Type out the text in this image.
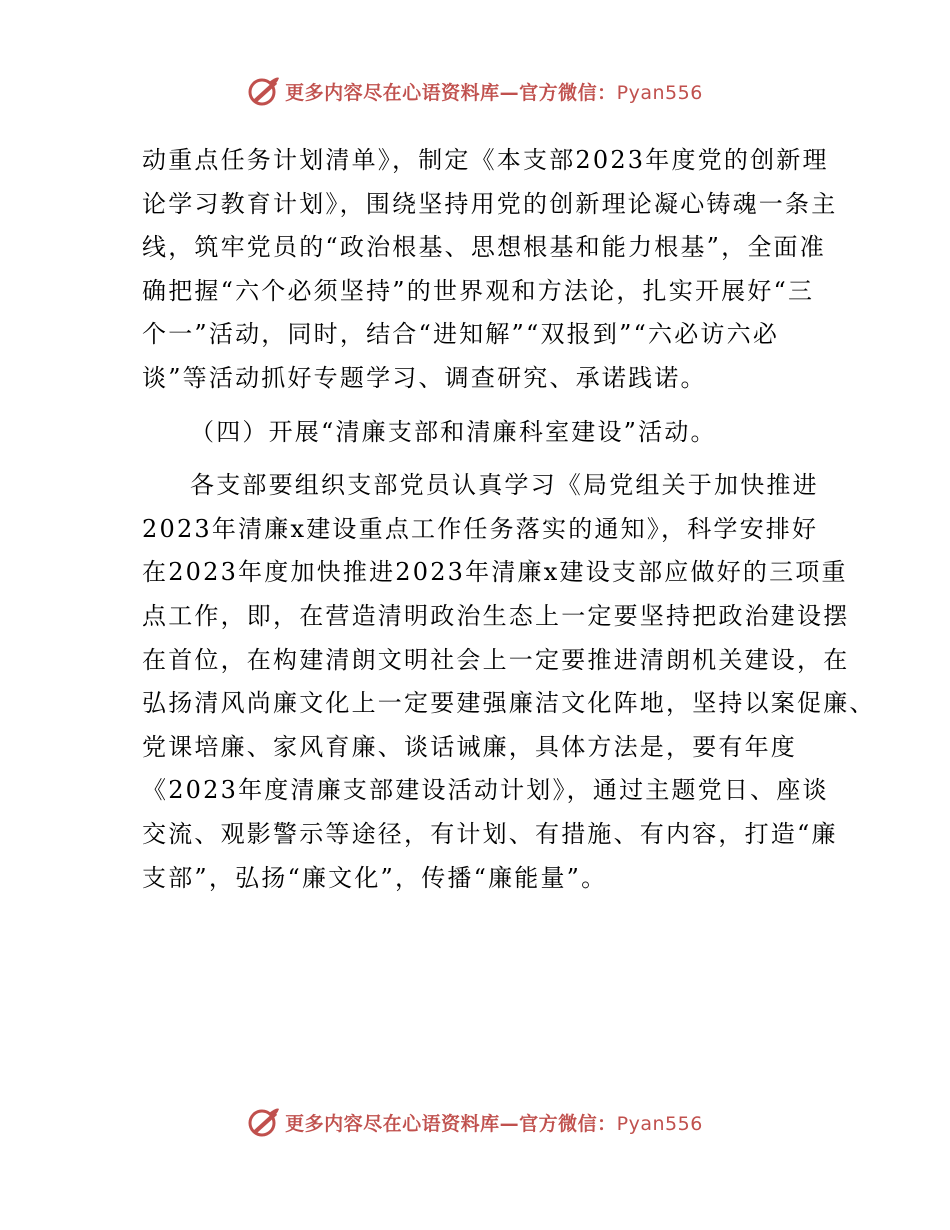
更多内容尽在心语资料库—官方微信：Pyan556
动重点任务计划清单》，制定《本支部2023年度党的创新理
论学习教育计划》，围绕坚持用党的创新理论凝心铸魂一条主
线，筑牢党员的“政治根基、思想根基和能力根基”，全面准
确把握“六个必须坚持”的世界观和方法论，扎实开展好“三
个一”活动，同时，结合“进知解”“双报到”“六必访六必
谈”等活动抓好专题学习、调查研究、承诺践诺。
（四）开展“清廉支部和清廉科室建设”活动。
各支部要组织支部党员认真学习《局党组关于加快推进
2023年清廉x建设重点工作任务落实的通知》，科学安排好
在2023年度加快推进2023年清廉x建设支部应做好的三项重
点工作，即，在营造清明政治生态上一定要坚持把政治建设摆
在首位，在构建清朗文明社会上一定要推进清朗机关建设，在
弘扬清风尚廉文化上一定要建强廉洁文化阵地，坚持以案促廉、
党课培廉、家风育廉、谈话诫廉，具体方法是，要有年度
《2023年度清廉支部建设活动计划》，通过主题党日、座谈
交流、观影警示等途径，有计划、有措施、有内容，打造“廉
支部”，弘扬“廉文化”，传播“廉能量”。
更多内容尽在心语资料库—官方微信：Pyan556
